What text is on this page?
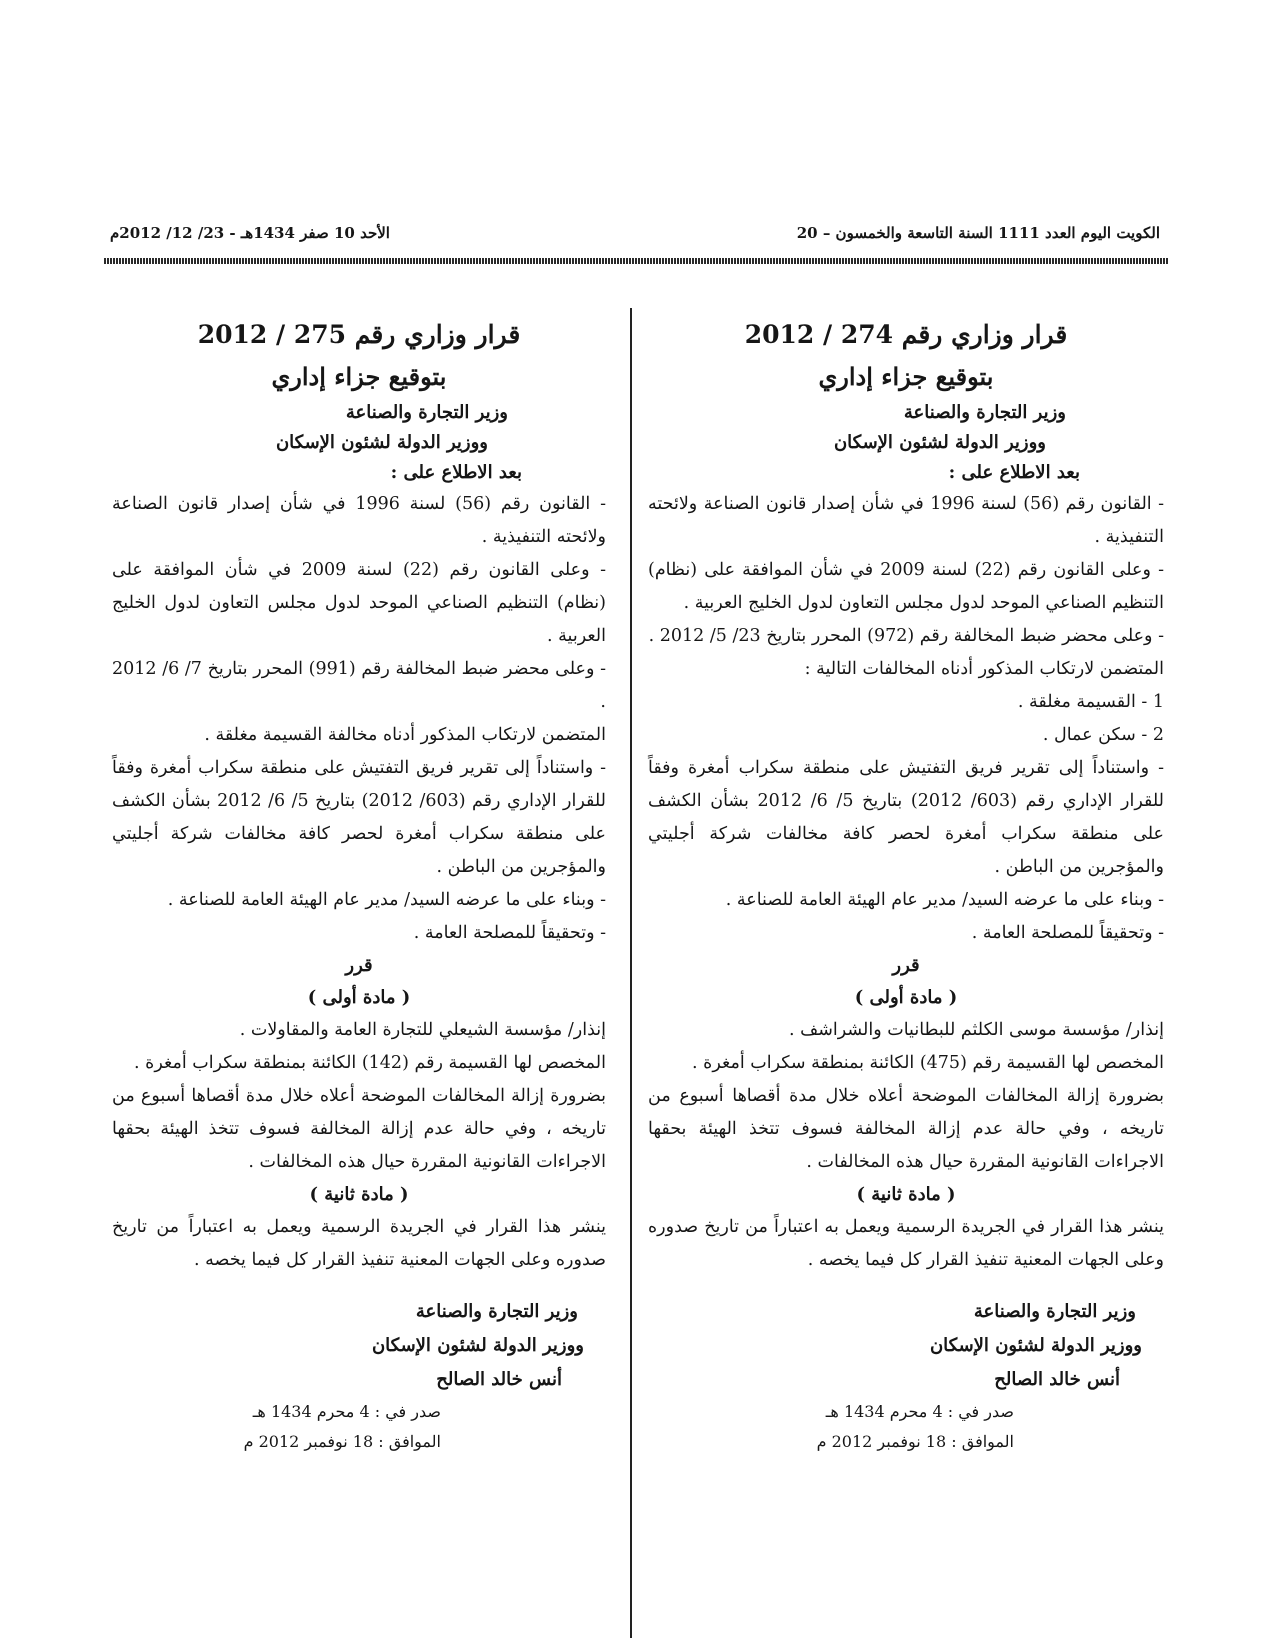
الكويت اليوم العدد 1111 السنة التاسعة والخمسون – 20
الأحد 10 صفر 1434هـ - 23/ 12/ 2012م
قرار وزاري رقم 274 / 2012
بتوقيع جزاء إداري
وزير التجارة والصناعة
ووزير الدولة لشئون الإسكان
بعد الاطلاع على :

- القانون رقم (56) لسنة 1996 في شأن إصدار قانون الصناعة ولائحته التنفيذية .

- وعلى القانون رقم (22) لسنة 2009 في شأن الموافقة على (نظام) التنظيم الصناعي الموحد لدول مجلس التعاون لدول الخليج العربية .

- وعلى محضر ضبط المخالفة رقم (972) المحرر بتاريخ 23/ 5/ 2012 .

المتضمن لارتكاب المذكور أدناه المخالفات التالية :

1 - القسيمة مغلقة .

2 - سكن عمال .

- واستناداً إلى تقرير فريق التفتيش على منطقة سكراب أمغرة وفقاً للقرار الإداري رقم (603/ 2012) بتاريخ 5/ 6/ 2012 بشأن الكشف على منطقة سكراب أمغرة لحصر كافة مخالفات شركة أجليتي والمؤجرين من الباطن .

- وبناء على ما عرضه السيد/ مدير عام الهيئة العامة للصناعة .

- وتحقيقاً للمصلحة العامة .

قرر
( مادة أولى )

إنذار/ مؤسسة موسى الكلثم للبطانيات والشراشف .

المخصص لها القسيمة رقم (475) الكائنة بمنطقة سكراب أمغرة .

بضرورة إزالة المخالفات الموضحة أعلاه خلال مدة أقصاها أسبوع من تاريخه ، وفي حالة عدم إزالة المخالفة فسوف تتخذ الهيئة بحقها الاجراءات القانونية المقررة حيال هذه المخالفات .

( مادة ثانية )

ينشر هذا القرار في الجريدة الرسمية ويعمل به اعتباراً من تاريخ صدوره وعلى الجهات المعنية تنفيذ القرار كل فيما يخصه .

وزير التجارة والصناعة
ووزير الدولة لشئون الإسكان
أنس خالد الصالح
صدر في : 4 محرم 1434 هـ
الموافق : 18 نوفمبر 2012 م
قرار وزاري رقم 275 / 2012
بتوقيع جزاء إداري
وزير التجارة والصناعة
ووزير الدولة لشئون الإسكان
بعد الاطلاع على :

- القانون رقم (56) لسنة 1996 في شأن إصدار قانون الصناعة ولائحته التنفيذية .

- وعلى القانون رقم (22) لسنة 2009 في شأن الموافقة على (نظام) التنظيم الصناعي الموحد لدول مجلس التعاون لدول الخليج العربية .

- وعلى محضر ضبط المخالفة رقم (991) المحرر بتاريخ 7/ 6/ 2012 .

المتضمن لارتكاب المذكور أدناه مخالفة القسيمة مغلقة .

- واستناداً إلى تقرير فريق التفتيش على منطقة سكراب أمغرة وفقاً للقرار الإداري رقم (603/ 2012) بتاريخ 5/ 6/ 2012 بشأن الكشف على منطقة سكراب أمغرة لحصر كافة مخالفات شركة أجليتي والمؤجرين من الباطن .

- وبناء على ما عرضه السيد/ مدير عام الهيئة العامة للصناعة .

- وتحقيقاً للمصلحة العامة .

قرر
( مادة أولى )

إنذار/ مؤسسة الشيعلي للتجارة العامة والمقاولات .

المخصص لها القسيمة رقم (142) الكائنة بمنطقة سكراب أمغرة .

بضرورة إزالة المخالفات الموضحة أعلاه خلال مدة أقصاها أسبوع من تاريخه ، وفي حالة عدم إزالة المخالفة فسوف تتخذ الهيئة بحقها الاجراءات القانونية المقررة حيال هذه المخالفات .

( مادة ثانية )

ينشر هذا القرار في الجريدة الرسمية ويعمل به اعتباراً من تاريخ صدوره وعلى الجهات المعنية تنفيذ القرار كل فيما يخصه .

وزير التجارة والصناعة
ووزير الدولة لشئون الإسكان
أنس خالد الصالح
صدر في : 4 محرم 1434 هـ
الموافق : 18 نوفمبر 2012 م
